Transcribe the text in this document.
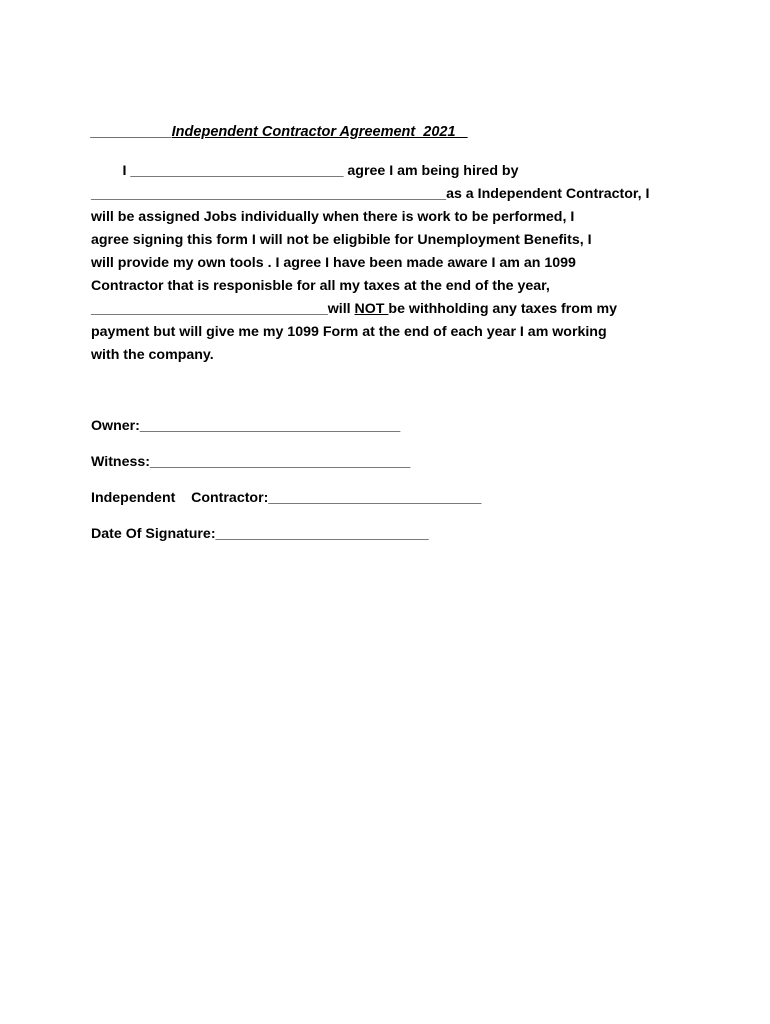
__________Independent Contractor Agreement_2021 _
I ___________________________ agree I am being hired by
_____________________________________________as a Independent Contractor, I
will be assigned Jobs individually when there is work to be performed, I
agree signing this form I will not be eligbible for Unemployment Benefits, I
will provide my own tools . I agree I have been made aware I am an 1099
Contractor that is responisble for all my taxes at the end of the year,
______________________________will NOT be withholding any taxes from my
payment but will give me my 1099 Form at the end of each year I am working
with the company.
Owner:_________________________________
Witness:_________________________________
Independent    Contractor:___________________________
Date Of Signature:___________________________
